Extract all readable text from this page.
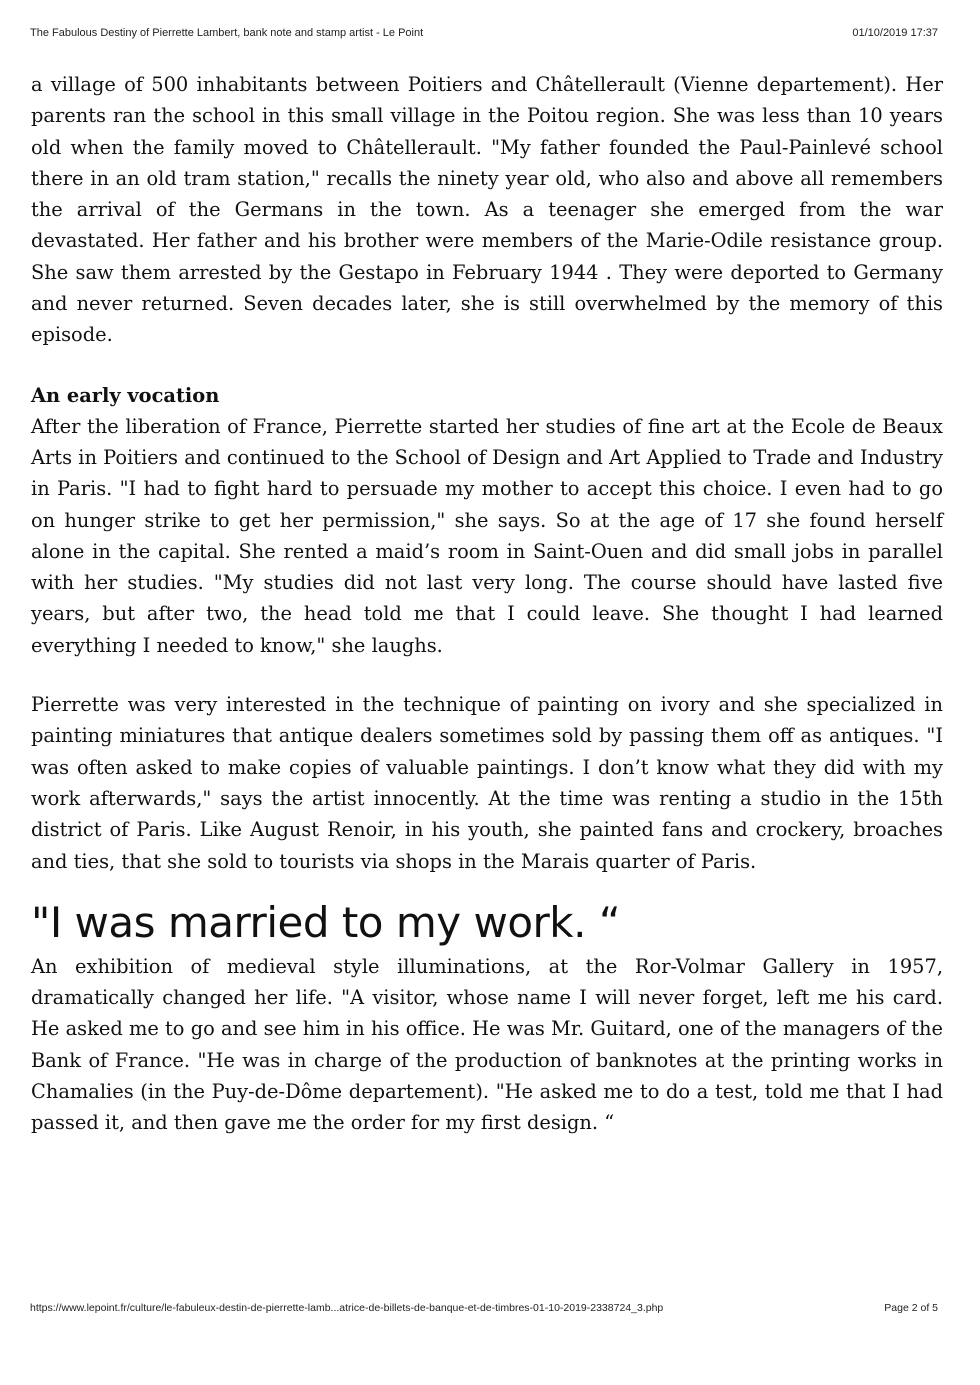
The Fabulous Destiny of Pierrette Lambert, bank note and stamp artist - Le Point	01/10/2019 17:37

a village of 500 inhabitants between Poitiers and Châtellerault (Vienne departement). Her parents ran the school in this small village in the Poitou region. She was less than 10 years old when the family moved to Châtellerault. "My father founded the Paul-Painlevé school there in an old tram station," recalls the ninety year old, who also and above all remembers the arrival of the Germans in the town. As a teenager she emerged from the war devastated. Her father and his brother were members of the Marie-Odile resistance group. She saw them arrested by the Gestapo in February 1944 . They were deported to Germany and never returned. Seven decades later, she is still overwhelmed by the memory of this episode.

An early vocation

After the liberation of France, Pierrette started her studies of fine art at the Ecole de Beaux Arts in Poitiers and continued to the School of Design and Art Applied to Trade and Industry in Paris. "I had to fight hard to persuade my mother to accept this choice. I even had to go on hunger strike to get her permission," she says. So at the age of 17 she found herself alone in the capital. She rented a maid’s room in Saint-Ouen and did small jobs in parallel with her studies. "My studies did not last very long. The course should have lasted five years, but after two, the head told me that I could leave. She thought I had learned everything I needed to know," she laughs.

Pierrette was very interested in the technique of painting on ivory and she specialized in painting miniatures that antique dealers sometimes sold by passing them off as antiques. "I was often asked to make copies of valuable paintings. I don’t know what they did with my work afterwards," says the artist innocently. At the time was renting a studio in the 15th district of Paris. Like August Renoir, in his youth, she painted fans and crockery, broaches and ties, that she sold to tourists via shops in the Marais quarter of Paris.

"I was married to my work. “

An exhibition of medieval style illuminations, at the Ror-Volmar Gallery in 1957, dramatically changed her life. "A visitor, whose name I will never forget, left me his card. He asked me to go and see him in his office. He was Mr. Guitard, one of the managers of the Bank of France. "He was in charge of the production of banknotes at the printing works in Chamalies (in the Puy-de-Dôme departement). "He asked me to do a test, told me that I had passed it, and then gave me the order for my first design. “

https://www.lepoint.fr/culture/le-fabuleux-destin-de-pierrette-lamb...atrice-de-billets-de-banque-et-de-timbres-01-10-2019-2338724_3.php	Page 2 of 5
